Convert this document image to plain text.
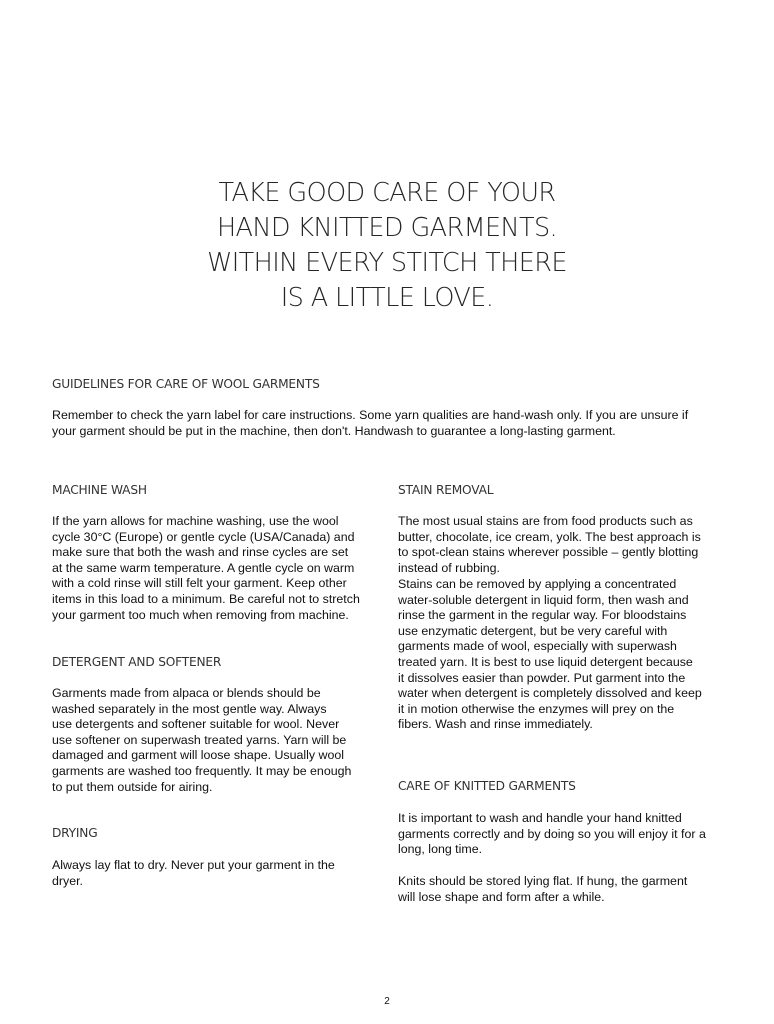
TAKE GOOD CARE OF YOUR
HAND KNITTED GARMENTS.
WITHIN EVERY STITCH THERE
IS A LITTLE LOVE.
GUIDELINES FOR CARE OF WOOL GARMENTS
Remember to check the yarn label for care instructions. Some yarn qualities are hand-wash only. If you are unsure if
your garment should be put in the machine, then don't. Handwash to guarantee a long-lasting garment.
MACHINE WASH
If the yarn allows for machine washing, use the wool
cycle 30°C (Europe) or gentle cycle (USA/Canada) and
make sure that both the wash and rinse cycles are set
at the same warm temperature. A gentle cycle on warm
with a cold rinse will still felt your garment. Keep other
items in this load to a minimum. Be careful not to stretch
your garment too much when removing from machine.
DETERGENT AND SOFTENER
Garments made from alpaca or blends should be
washed separately in the most gentle way. Always
use detergents and softener suitable for wool. Never
use softener on superwash treated yarns. Yarn will be
damaged and garment will loose shape. Usually wool
garments are washed too frequently. It may be enough
to put them outside for airing.
DRYING
Always lay flat to dry. Never put your garment in the
dryer.
STAIN REMOVAL
The most usual stains are from food products such as
butter, chocolate, ice cream, yolk. The best approach is
to spot-clean stains wherever possible – gently blotting
instead of rubbing.
Stains can be removed by applying a concentrated
water-soluble detergent in liquid form, then wash and
rinse the garment in the regular way. For bloodstains
use enzymatic detergent, but be very careful with
garments made of wool, especially with superwash
treated yarn. It is best to use liquid detergent because
it dissolves easier than powder. Put garment into the
water when detergent is completely dissolved and keep
it in motion otherwise the enzymes will prey on the
fibers. Wash and rinse immediately.
CARE OF KNITTED GARMENTS
It is important to wash and handle your hand knitted
garments correctly and by doing so you will enjoy it for a
long, long time.
Knits should be stored lying flat. If hung, the garment
will lose shape and form after a while.
2
